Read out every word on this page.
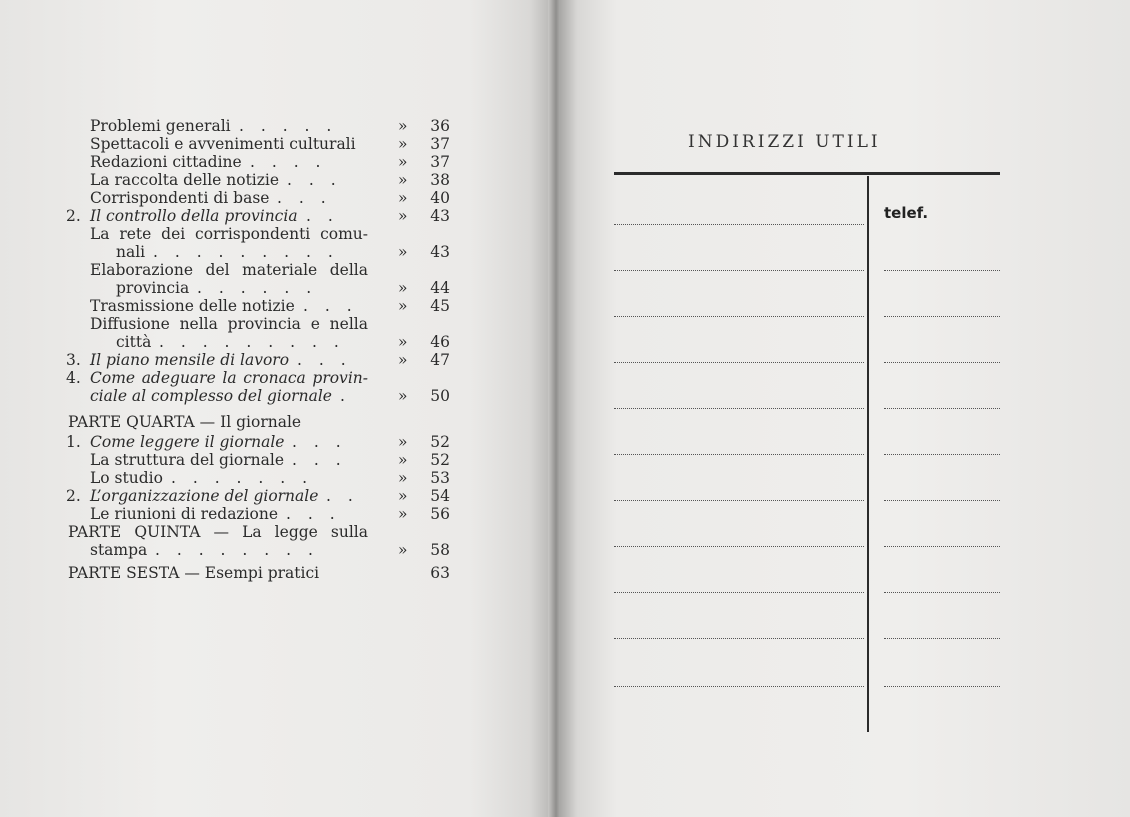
Problemi generali . . . . .	»	36
Spettacoli e avvenimenti culturali	»	37
Redazioni cittadine . . . .	»	37
La raccolta delle notizie . . .	»	38
Corrispondenti di base . . .	»	40
2. Il controllo della provincia . .	»	43
La rete dei corrispondenti comu-
nali . . . . . . . . .	»	43
Elaborazione del materiale della
provincia . . . . . .	»	44
Trasmissione delle notizie . . .	»	45
Diffusione nella provincia e nella
città . . . . . . . . .	»	46
3. Il piano mensile di lavoro . . .	»	47
4. Come adeguare la cronaca provin-
ciale al complesso del giornale .	»	50
PARTE QUARTA — Il giornale
1. Come leggere il giornale . . .	»	52
La struttura del giornale . . .	»	52
Lo studio . . . . . . .	»	53
2. L’organizzazione del giornale . .	»	54
Le riunioni di redazione . . .	»	56
PARTE QUINTA — La legge sulla
stampa . . . . . . . .	»	58
PARTE SESTA — Esempi pratici	63
INDIRIZZI UTILI
telef.
